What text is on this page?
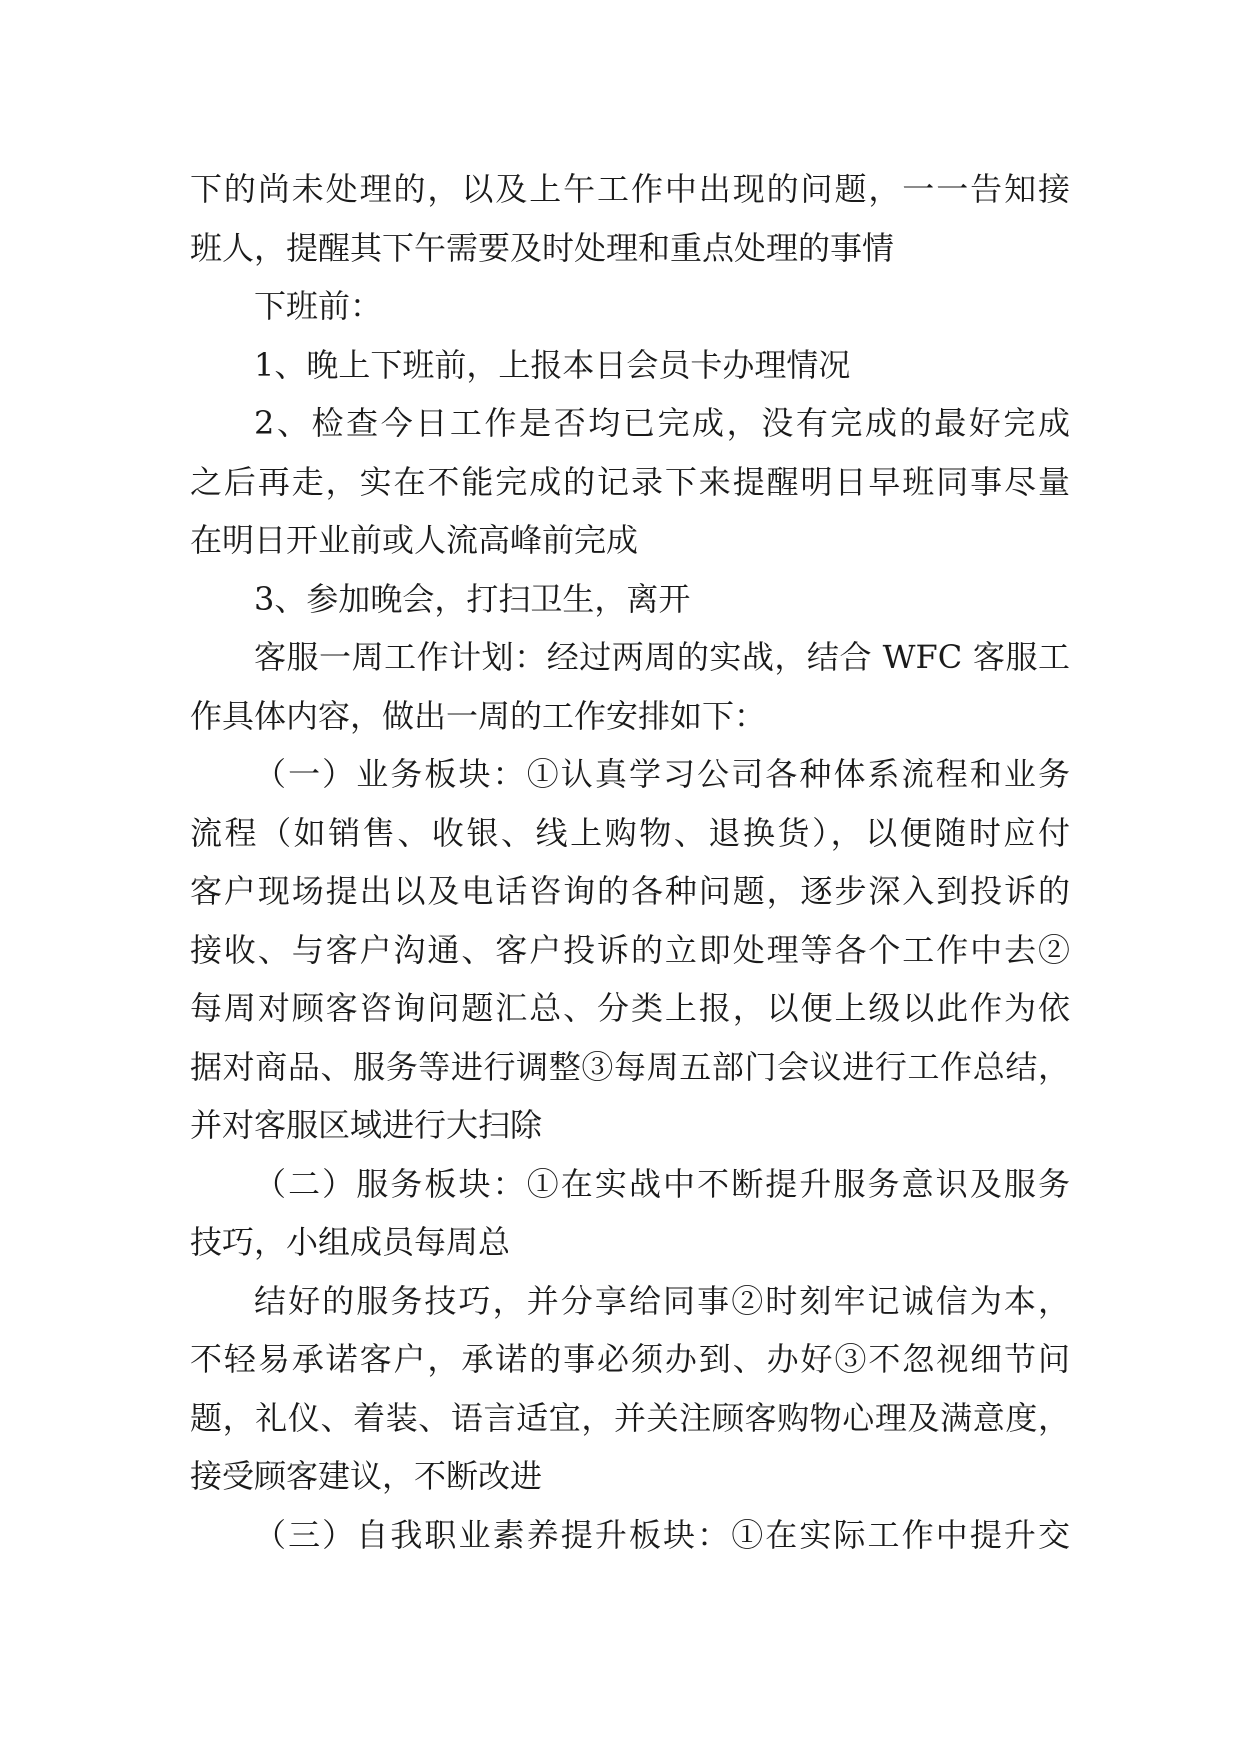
下的尚未处理的，以及上午工作中出现的问题，一一告知接
班人，提醒其下午需要及时处理和重点处理的事情
下班前：
1、晚上下班前，上报本日会员卡办理情况
2、检查今日工作是否均已完成，没有完成的最好完成
之后再走，实在不能完成的记录下来提醒明日早班同事尽量
在明日开业前或人流高峰前完成
3、参加晚会，打扫卫生，离开
客服一周工作计划：经过两周的实战，结合 WFC 客服工
作具体内容，做出一周的工作安排如下：
（一）业务板块：①认真学习公司各种体系流程和业务
流程（如销售、收银、线上购物、退换货），以便随时应付
客户现场提出以及电话咨询的各种问题，逐步深入到投诉的
接收、与客户沟通、客户投诉的立即处理等各个工作中去②
每周对顾客咨询问题汇总、分类上报，以便上级以此作为依
据对商品、服务等进行调整③每周五部门会议进行工作总结，
并对客服区域进行大扫除
（二）服务板块：①在实战中不断提升服务意识及服务
技巧，小组成员每周总
结好的服务技巧，并分享给同事②时刻牢记诚信为本，
不轻易承诺客户，承诺的事必须办到、办好③不忽视细节问
题，礼仪、着装、语言适宜，并关注顾客购物心理及满意度，
接受顾客建议，不断改进
（三）自我职业素养提升板块：①在实际工作中提升交
